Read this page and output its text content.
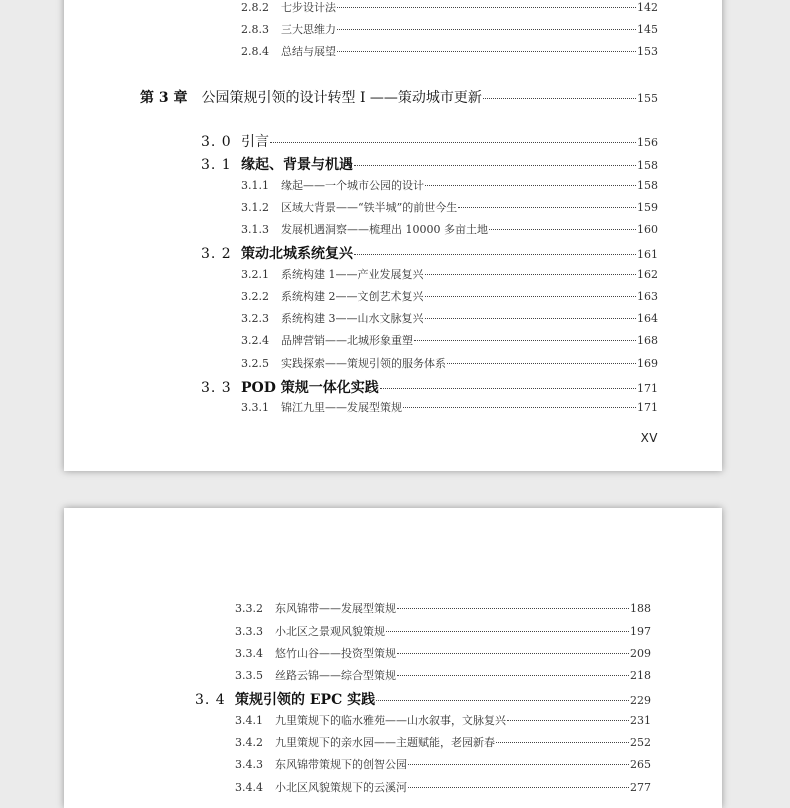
2.8.2	七步设计法	142
2.8.3	三大思维力	145
2.8.4	总结与展望	153
第 3 章 公园策规引领的设计转型 I ——策动城市更新	155
3. 0 引言	156
3. 1 缘起、背景与机遇	158
3.1.1	缘起——一个城市公园的设计	158
3.1.2	区域大背景——“铁半城”的前世今生	159
3.1.3	发展机遇洞察——梳理出 10000 多亩土地	160
3. 2 策动北城系统复兴	161
3.2.1	系统构建 1——产业发展复兴	162
3.2.2	系统构建 2——文创艺术复兴	163
3.2.3	系统构建 3——山水文脉复兴	164
3.2.4	品牌营销——北城形象重塑	168
3.2.5	实践探索——策规引领的服务体系	169
3. 3 POD 策规一体化实践	171
3.3.1	锦江九里——发展型策规	171
XV
3.3.2	东风锦带——发展型策规	188
3.3.3	小北区之景观风貌策规	197
3.3.4	悠竹山谷——投资型策规	209
3.3.5	丝路云锦——综合型策规	218
3. 4 策规引领的 EPC 实践	229
3.4.1	九里策规下的临水雅苑——山水叙事，文脉复兴	231
3.4.2	九里策规下的亲水园——主题赋能，老园新春	252
3.4.3	东风锦带策规下的创智公园	265
3.4.4	小北区风貌策规下的云溪河	277
